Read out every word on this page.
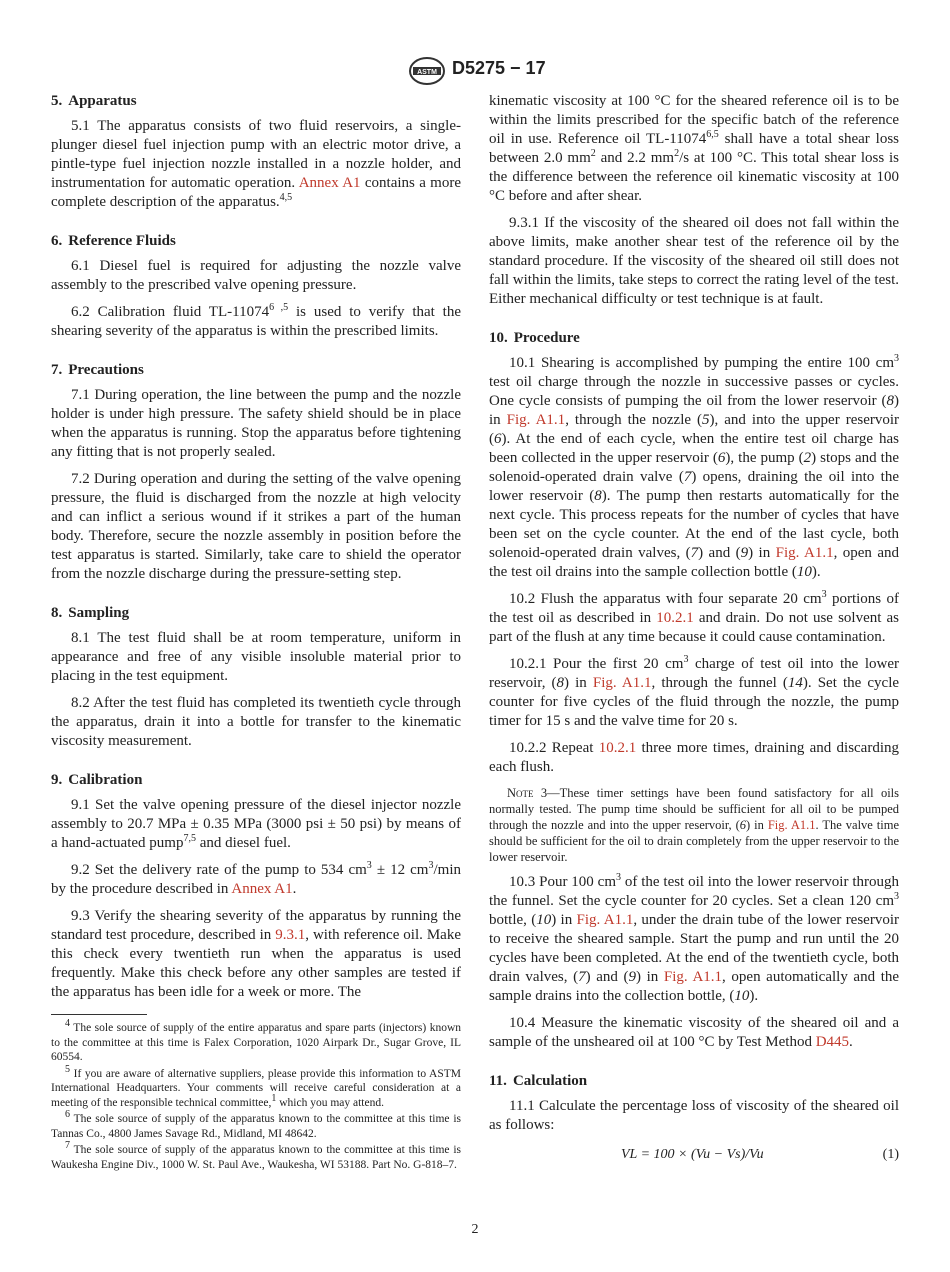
ASTM D5275 − 17
5. Apparatus

5.1 The apparatus consists of two fluid reservoirs, a single-plunger diesel fuel injection pump with an electric motor drive, a pintle-type fuel injection nozzle installed in a nozzle holder, and instrumentation for automatic operation. Annex A1 contains a more complete description of the apparatus.$^{4,5}$

6. Reference Fluids

6.1 Diesel fuel is required for adjusting the nozzle valve assembly to the prescribed valve opening pressure.

6.2 Calibration fluid TL-11074$^{6 ,5}$ is used to verify that the shearing severity of the apparatus is within the prescribed limits.

7. Precautions

7.1 During operation, the line between the pump and the nozzle holder is under high pressure. The safety shield should be in place when the apparatus is running. Stop the apparatus before tightening any fitting that is not properly sealed.

7.2 During operation and during the setting of the valve opening pressure, the fluid is discharged from the nozzle at high velocity and can inflict a serious wound if it strikes a part of the human body. Therefore, secure the nozzle assembly in position before the test apparatus is started. Similarly, take care to shield the operator from the nozzle discharge during the pressure-setting step.

8. Sampling

8.1 The test fluid shall be at room temperature, uniform in appearance and free of any visible insoluble material prior to placing in the test equipment.

8.2 After the test fluid has completed its twentieth cycle through the apparatus, drain it into a bottle for transfer to the kinematic viscosity measurement.

9. Calibration

9.1 Set the valve opening pressure of the diesel injector nozzle assembly to 20.7 MPa ± 0.35 MPa (3000 psi ± 50 psi) by means of a hand-actuated pump$^{7,5}$ and diesel fuel.

9.2 Set the delivery rate of the pump to 534 $cm^3 \pm 12$ $cm^3/\min$ by the procedure described in Annex A1.

9.3 Verify the shearing severity of the apparatus by running the standard test procedure, described in 9.3.1, with reference oil. Make this check every twentieth run when the apparatus is used frequently. Make this check before any other samples are tested if the apparatus has been idle for a week or more. The

$^4$ The sole source of supply of the entire apparatus and spare parts (injectors) known to the committee at this time is Falex Corporation, 1020 Airpark Dr., Sugar Grove, IL 60554.

$^5$ If you are aware of alternative suppliers, please provide this information to ASTM International Headquarters. Your comments will receive careful consideration at a meeting of the responsible technical committee,$^1$ which you may attend.

$^6$ The sole source of supply of the apparatus known to the committee at this time is Tannas Co., 4800 James Savage Rd., Midland, MI 48642.

$^7$ The sole source of supply of the apparatus known to the committee at this time is Waukesha Engine Div., 1000 W. St. Paul Ave., Waukesha, WI 53188. Part No. G-818–7.

kinematic viscosity at 100 °C for the sheared reference oil is to be within the limits prescribed for the specific batch of the reference oil in use. Reference oil TL-11074$^{6,5}$ shall have a total shear loss between 2.0 $mm^2$ and 2.2 $mm^2/s$ at 100 °C. This total shear loss is the difference between the reference oil kinematic viscosity at 100 °C before and after shear.

9.3.1 If the viscosity of the sheared oil does not fall within the above limits, make another shear test of the reference oil by the standard procedure. If the viscosity of the sheared oil still does not fall within the limits, take steps to correct the rating level of the test. Either mechanical difficulty or test technique is at fault.

10. Procedure

10.1 Shearing is accomplished by pumping the entire 100 $cm^3$ test oil charge through the nozzle in successive passes or cycles. One cycle consists of pumping the oil from the lower reservoir (8) in Fig. A1.1, through the nozzle (5), and into the upper reservoir (6). At the end of each cycle, when the entire test oil charge has been collected in the upper reservoir (6), the pump (2) stops and the solenoid-operated drain valve (7) opens, draining the oil into the lower reservoir (8). The pump then restarts automatically for the next cycle. This process repeats for the number of cycles that have been set on the cycle counter. At the end of the last cycle, both solenoid-operated drain valves, (7) and (9) in Fig. A1.1, open and the test oil drains into the sample collection bottle (10).

10.2 Flush the apparatus with four separate 20 $cm^3$ portions of the test oil as described in 10.2.1 and drain. Do not use solvent as part of the flush at any time because it could cause contamination.

10.2.1 Pour the first 20 $cm^3$ charge of test oil into the lower reservoir, (8) in Fig. A1.1, through the funnel (14). Set the cycle counter for five cycles of the fluid through the nozzle, the pump timer for 15 s and the valve time for 20 s.

10.2.2 Repeat 10.2.1 three more times, draining and discarding each flush.

Note 3—These timer settings have been found satisfactory for all oils normally tested. The pump time should be sufficient for all oil to be pumped through the nozzle and into the upper reservoir, (6) in Fig. A1.1. The valve time should be sufficient for the oil to drain completely from the upper reservoir to the lower reservoir.

10.3 Pour 100 $cm^3$ of the test oil into the lower reservoir through the funnel. Set the cycle counter for 20 cycles. Set a clean 120 $cm^3$ bottle, (10) in Fig. A1.1, under the drain tube of the lower reservoir to receive the sheared sample. Start the pump and run until the 20 cycles have been completed. At the end of the twentieth cycle, both drain valves, (7) and (9) in Fig. A1.1, open automatically and the sample drains into the collection bottle, (10).

10.4 Measure the kinematic viscosity of the sheared oil and a sample of the unsheared oil at 100 °C by Test Method D445.

11. Calculation

11.1 Calculate the percentage loss of viscosity of the sheared oil as follows:

VL = 100 × (Vu − Vs)/Vu	(1)
2
